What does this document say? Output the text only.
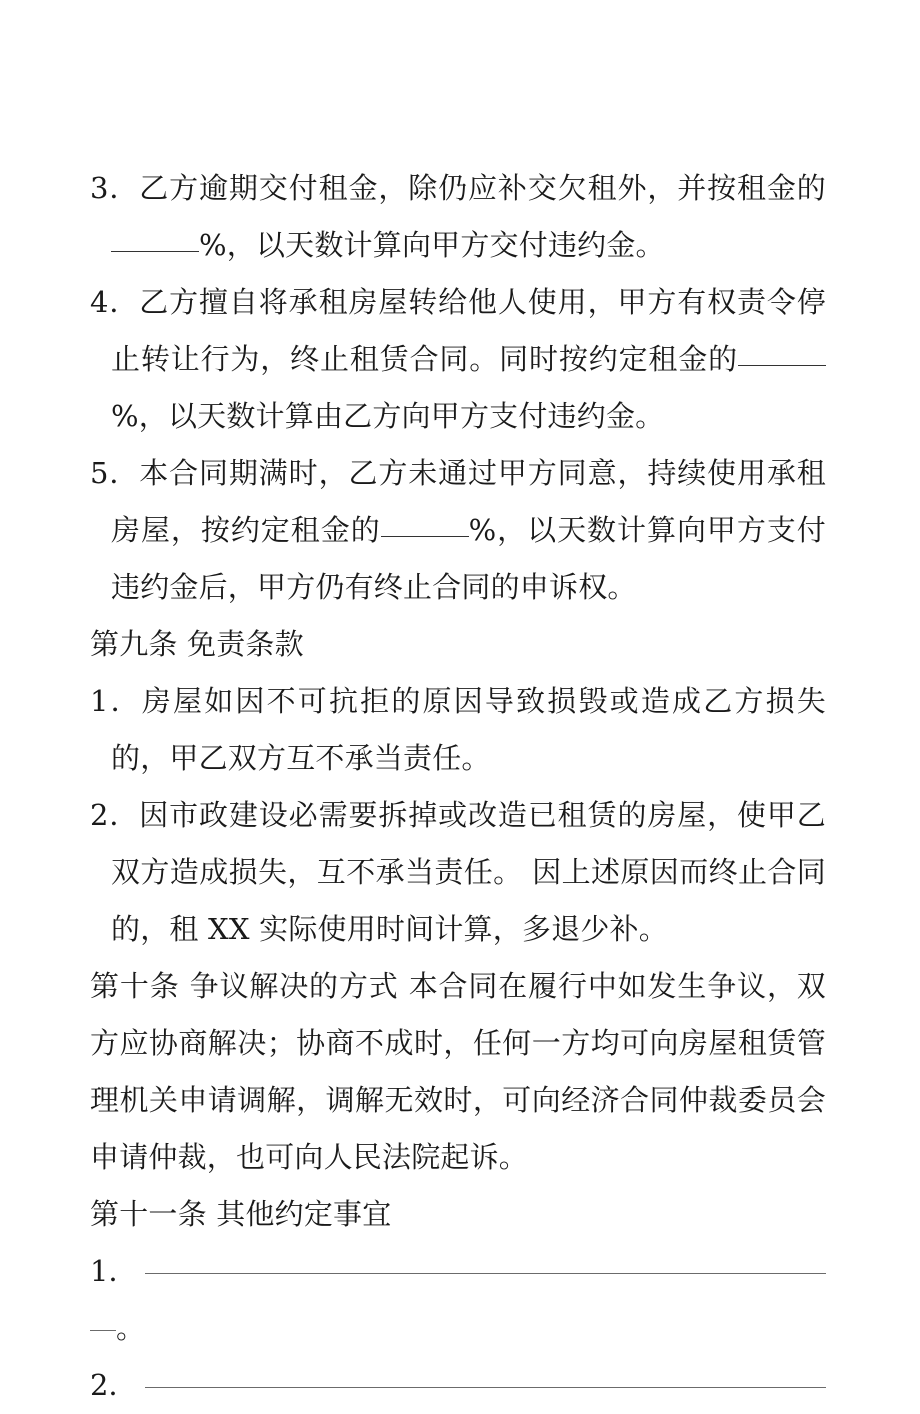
3．乙方逾期交付租金，除仍应补交欠租外，并按租金的%，以天数计算向甲方交付违约金。

4．乙方擅自将承租房屋转给他人使用，甲方有权责令停止转让行为，终止租赁合同。同时按约定租金的%，以天数计算由乙方向甲方支付违约金。

5．本合同期满时，乙方未通过甲方同意，持续使用承租房屋，按约定租金的	%，以天数计算向甲方支付违约金后，甲方仍有终止合同的申诉权。

第九条 免责条款

1．房屋如因不可抗拒的原因导致损毁或造成乙方损失的，甲乙双方互不承当责任。

2．因市政建设必需要拆掉或改造已租赁的房屋，使甲乙双方造成损失，互不承当责任。 因上述原因而终止合同的，租 XX 实际使用时间计算，多退少补。

第十条 争议解决的方式 本合同在履行中如发生争议，双方应协商解决；协商不成时，任何一方均可向房屋租赁管理机关申请调解，调解无效时，可向经济合同仲裁委员会申请仲裁，也可向人民法院起诉。

第十一条 其他约定事宜

1．
。
2．
